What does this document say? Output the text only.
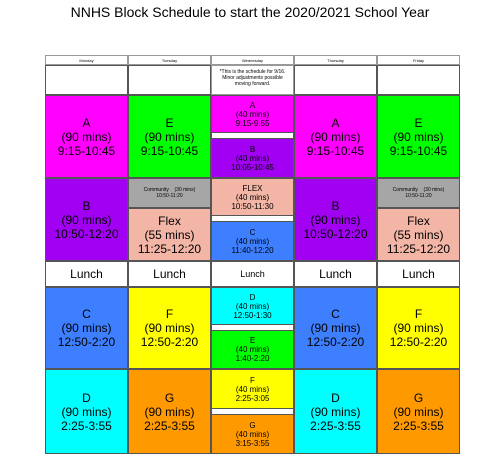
NNHS Block Schedule to start the 2020/2021 School Year
Monday
A
(90 mins)
9:15-10:45
B
(90 mins)
10:50-12:20
Lunch
C
(90 mins)
12:50-2:20
D
(90 mins)
2:25-3:55
Tuesday
E
(90 mins)
9:15-10:45
Community (30 mins)
10:50-11:20
Flex
(55 mins)
11:25-12:20
Lunch
F
(90 mins)
12:50-2:20
G
(90 mins)
2:25-3:55
Wednesday
*This is the schedule for 9/16. Minor adjustments possible moving forward.
A
(40 mins)
9:15-9:55
B
(40 mins)
10:05-10:45
FLEX
(40 mins)
10:50-11:30
C
(40 mins)
11:40-12:20
Lunch
D
(40 mins)
12:50-1:30
E
(40 mins)
1:40-2:20
F
(40 mins)
2:25-3:05
G
(40 mins)
3:15-3:55
Thursday
A
(90 mins)
9:15-10:45
B
(90 mins)
10:50-12:20
Lunch
C
(90 mins)
12:50-2:20
D
(90 mins)
2:25-3:55
Friday
E
(90 mins)
9:15-10:45
Community (30 mins)
10:50-11:20
Flex
(55 mins)
11:25-12:20
Lunch
F
(90 mins)
12:50-2:20
G
(90 mins)
2:25-3:55
